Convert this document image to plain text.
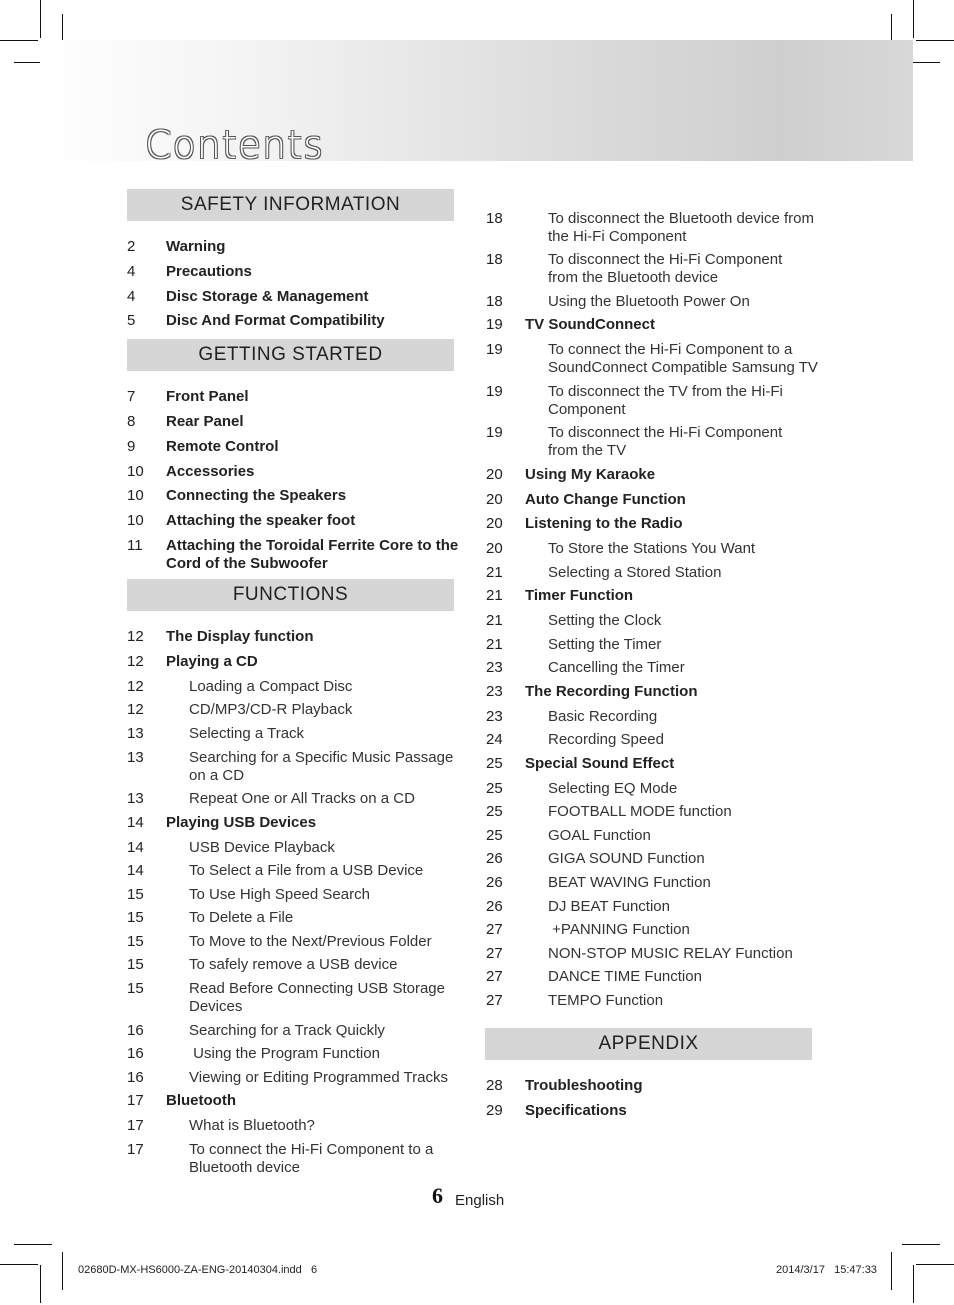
Contents
SAFETY INFORMATION
GETTING STARTED
FUNCTIONS
APPENDIX
2 Warning
4 Precautions
4 Disc Storage & Management
5 Disc And Format Compatibility
7 Front Panel
8 Rear Panel
9 Remote Control
10 Accessories
10 Connecting the Speakers
10 Attaching the speaker foot
11 Attaching the Toroidal Ferrite Core to the
Cord of the Subwoofer
12 The Display function
12 Playing a CD
12	Loading a Compact Disc
12	CD/MP3/CD-R Playback
13	Selecting a Track
13	Searching for a Specific Music Passage
on a CD
13	Repeat One or All Tracks on a CD
14 Playing USB Devices
14	USB Device Playback
14	To Select a File from a USB Device
15	To Use High Speed Search
15	To Delete a File
15	To Move to the Next/Previous Folder
15	To safely remove a USB device
15	Read Before Connecting USB Storage
Devices
16	Searching for a Track Quickly
16	Using the Program Function
16	Viewing or Editing Programmed Tracks
17 Bluetooth
17	What is Bluetooth?
17	To connect the Hi-Fi Component to a
Bluetooth device
18	To disconnect the Bluetooth device from
the Hi-Fi Component
18	To disconnect the Hi-Fi Component
from the Bluetooth device
18	Using the Bluetooth Power On
19 TV SoundConnect
19	To connect the Hi-Fi Component to a
SoundConnect Compatible Samsung TV
19	To disconnect the TV from the Hi-Fi
Component
19	To disconnect the Hi-Fi Component
from the TV
20 Using My Karaoke
20 Auto Change Function
20 Listening to the Radio
20	To Store the Stations You Want
21	Selecting a Stored Station
21 Timer Function
21	Setting the Clock
21	Setting the Timer
23	Cancelling the Timer
23 The Recording Function
23	Basic Recording
24	Recording Speed
25 Special Sound Effect
25	Selecting EQ Mode
25	FOOTBALL MODE function
25	GOAL Function
26	GIGA SOUND Function
26	BEAT WAVING Function
26	DJ BEAT Function
27	+PANNING Function
27	NON-STOP MUSIC RELAY Function
27	DANCE TIME Function
27	TEMPO Function
28 Troubleshooting
29 Specifications
6 English
02680D-MX-HS6000-ZA-ENG-20140304.indd   6	2014/3/17   15:47:33
